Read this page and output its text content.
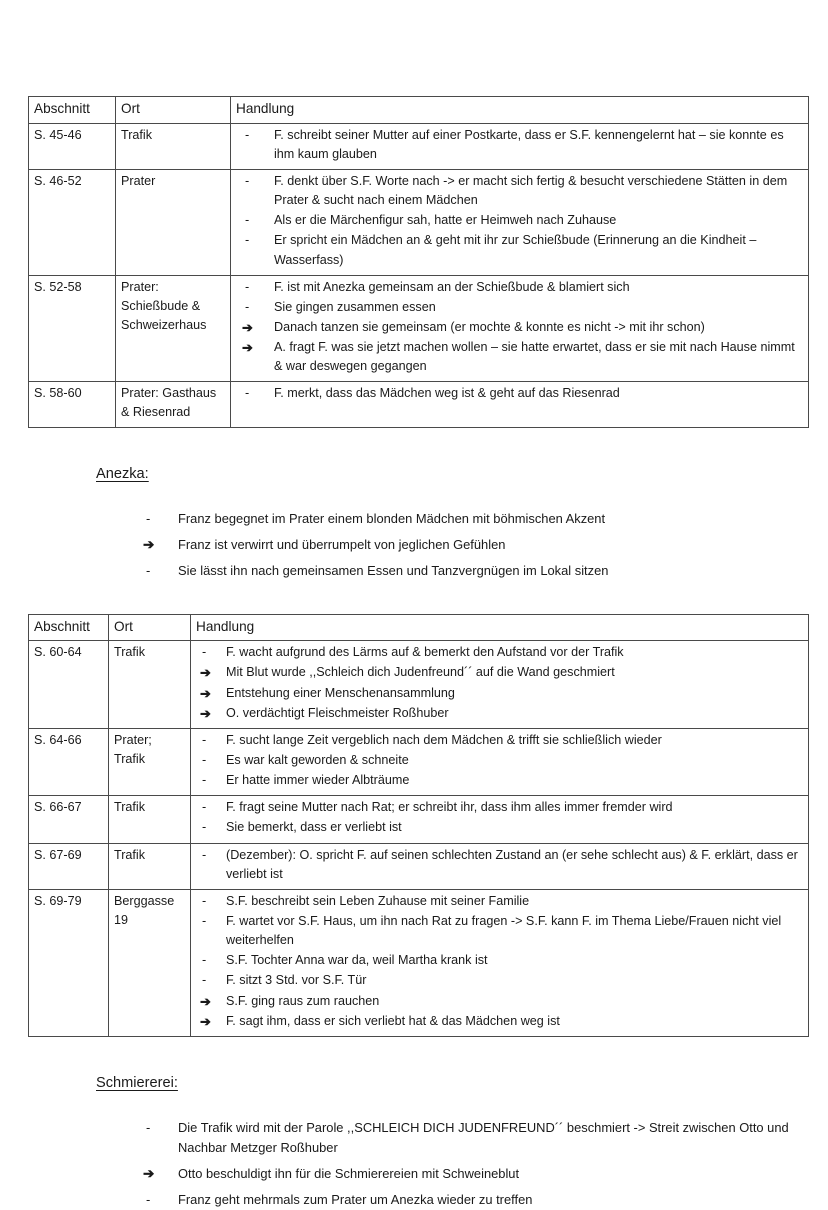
Abschnitt	Ort	Handlung
S. 45-46	Trafik	-	F. schreibt seiner Mutter auf einer Postkarte, dass er S.F. kennengelernt hat – sie konnte es ihm kaum glauben

S. 46-52	Prater	-	F. denkt über S.F. Worte nach -> er macht sich fertig & besucht verschiedene Stätten in dem Prater & sucht nach einem Mädchen
-	Als er die Märchenfigur sah, hatte er Heimweh nach Zuhause
-	Er spricht ein Mädchen an & geht mit ihr zur Schießbude (Erinnerung an die Kindheit – Wasserfass)

S. 52-58	Prater: Schießbude & Schweizerhaus	
-	F. ist mit Anezka gemeinsam an der Schießbude & blamiert sich
-	Sie gingen zusammen essen
➔	Danach tanzen sie gemeinsam (er mochte & konnte es nicht -> mit ihr schon)
➔	A. fragt F. was sie jetzt machen wollen – sie hatte erwartet, dass er sie mit nach Hause nimmt & war deswegen gegangen

S. 58-60	Prater: Gasthaus & Riesenrad	
-	F. merkt, dass das Mädchen weg ist & geht auf das Riesenrad
Anezka:
-	Franz begegnet im Prater einem blonden Mädchen mit böhmischen Akzent
➔	Franz ist verwirrt und überrumpelt von jeglichen Gefühlen
-	Sie lässt ihn nach gemeinsamen Essen und Tanzvergnügen im Lokal sitzen
Abschnitt	Ort	Handlung
S. 60-64	Trafik	-	F. wacht aufgrund des Lärms auf & bemerkt den Aufstand vor der Trafik
➔	Mit Blut wurde ,,Schleich dich Judenfreund´´ auf die Wand geschmiert
➔	Entstehung einer Menschenansammlung
➔	O. verdächtigt Fleischmeister Roßhuber

S. 64-66	Prater; Trafik	
-	F. sucht lange Zeit vergeblich nach dem Mädchen & trifft sie schließlich wieder
-	Es war kalt geworden & schneite
-	Er hatte immer wieder Albträume

S. 66-67	Trafik	-	F. fragt seine Mutter nach Rat; er schreibt ihr, dass ihm alles immer fremder wird
-	Sie bemerkt, dass er verliebt ist

S. 67-69	Trafik	-	(Dezember): O. spricht F. auf seinen schlechten Zustand an (er sehe schlecht aus) & F. erklärt, dass er verliebt ist

S. 69-79	Berggasse 19	
-	S.F. beschreibt sein Leben Zuhause mit seiner Familie
-	F. wartet vor S.F. Haus, um ihn nach Rat zu fragen -> S.F. kann F. im Thema Liebe/Frauen nicht viel weiterhelfen
-	S.F. Tochter Anna war da, weil Martha krank ist
-	F. sitzt 3 Std. vor S.F. Tür
➔	S.F. ging raus zum rauchen
➔	F. sagt ihm, dass er sich verliebt hat & das Mädchen weg ist
Schmiererei:
-	Die Trafik wird mit der Parole ,,SCHLEICH DICH JUDENFREUND´´ beschmiert -> Streit zwischen Otto und Nachbar Metzger Roßhuber
➔	Otto beschuldigt ihn für die Schmierereien mit Schweineblut
-	Franz geht mehrmals zum Prater um Anezka wieder zu treffen
